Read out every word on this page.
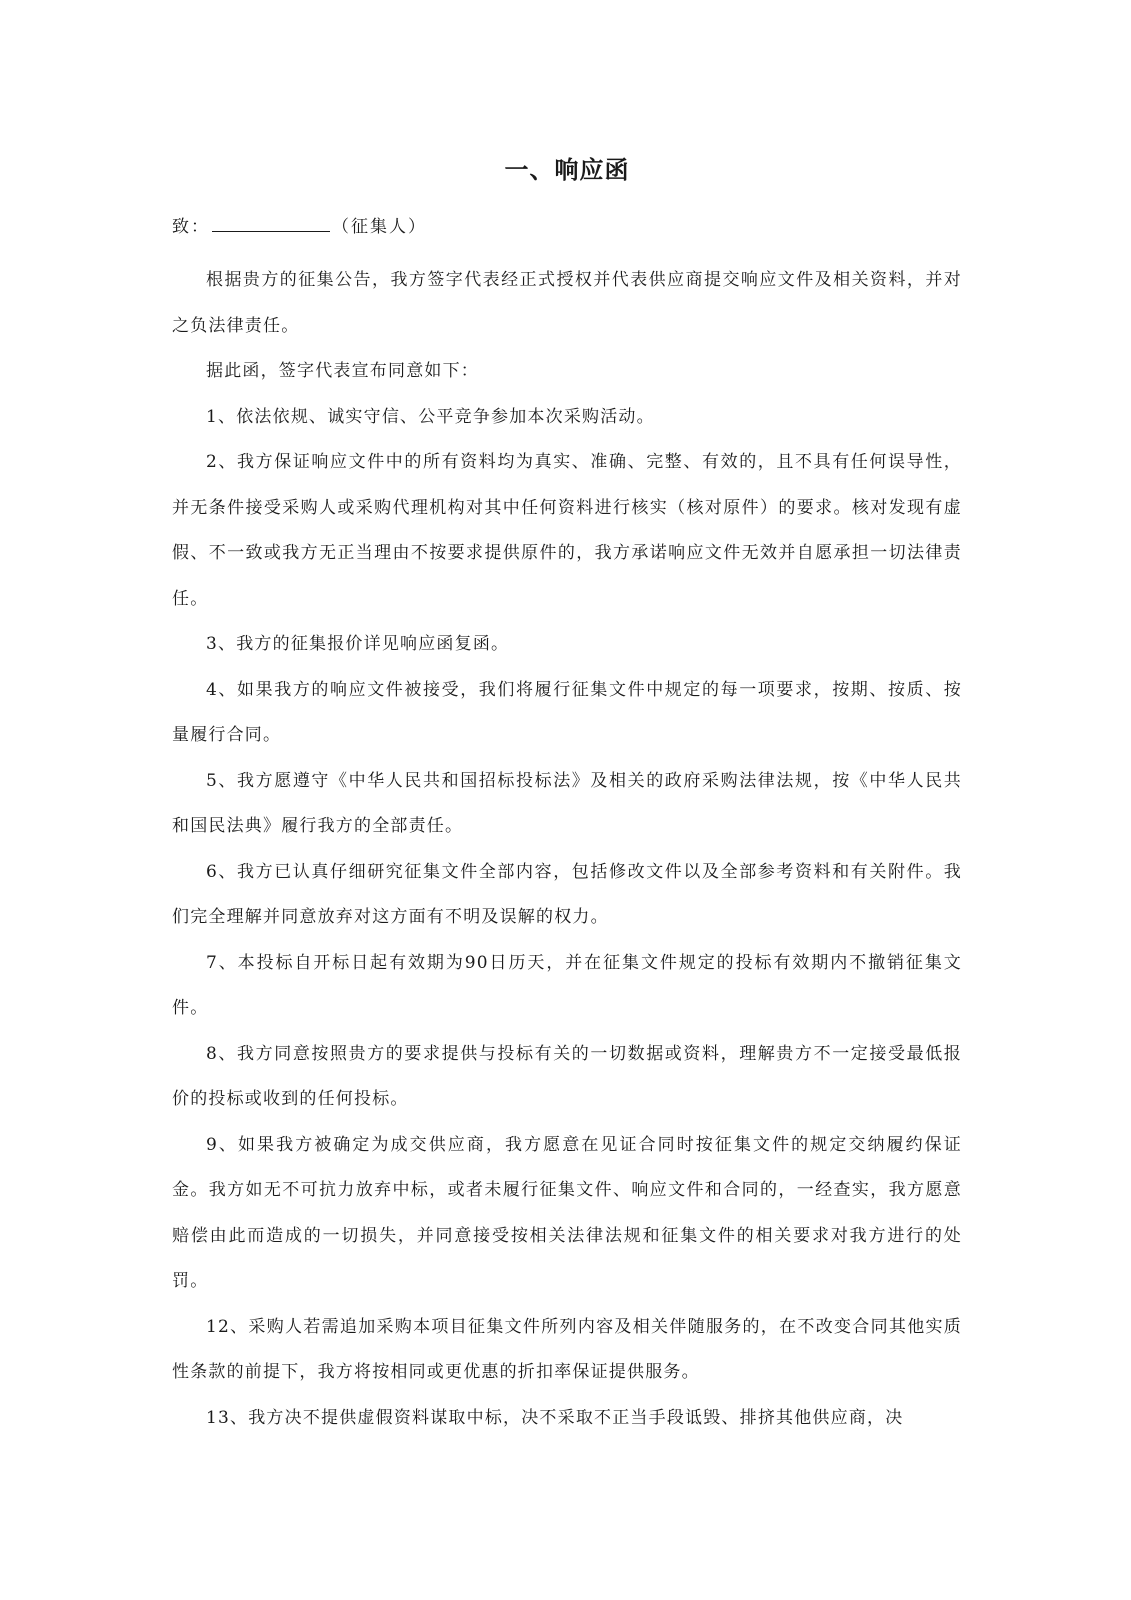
一、响应函

致：	（征集人）

根据贵方的征集公告，我方签字代表经正式授权并代表供应商提交响应文件及相关资料，并对之负法律责任。

据此函，签字代表宣布同意如下：

1、依法依规、诚实守信、公平竞争参加本次采购活动。

2、我方保证响应文件中的所有资料均为真实、准确、完整、有效的，且不具有任何误导性，并无条件接受采购人或采购代理机构对其中任何资料进行核实（核对原件）的要求。核对发现有虚假、不一致或我方无正当理由不按要求提供原件的，我方承诺响应文件无效并自愿承担一切法律责任。

3、我方的征集报价详见响应函复函。

4、如果我方的响应文件被接受，我们将履行征集文件中规定的每一项要求，按期、按质、按量履行合同。

5、我方愿遵守《中华人民共和国招标投标法》及相关的政府采购法律法规，按《中华人民共和国民法典》履行我方的全部责任。

6、我方已认真仔细研究征集文件全部内容，包括修改文件以及全部参考资料和有关附件。我们完全理解并同意放弃对这方面有不明及误解的权力。

7、本投标自开标日起有效期为90日历天，并在征集文件规定的投标有效期内不撤销征集文件。

8、我方同意按照贵方的要求提供与投标有关的一切数据或资料，理解贵方不一定接受最低报价的投标或收到的任何投标。

9、如果我方被确定为成交供应商，我方愿意在见证合同时按征集文件的规定交纳履约保证金。我方如无不可抗力放弃中标，或者未履行征集文件、响应文件和合同的，一经查实，我方愿意赔偿由此而造成的一切损失，并同意接受按相关法律法规和征集文件的相关要求对我方进行的处罚。

12、采购人若需追加采购本项目征集文件所列内容及相关伴随服务的，在不改变合同其他实质性条款的前提下，我方将按相同或更优惠的折扣率保证提供服务。

13、我方决不提供虚假资料谋取中标，决不采取不正当手段诋毁、排挤其他供应商，决
